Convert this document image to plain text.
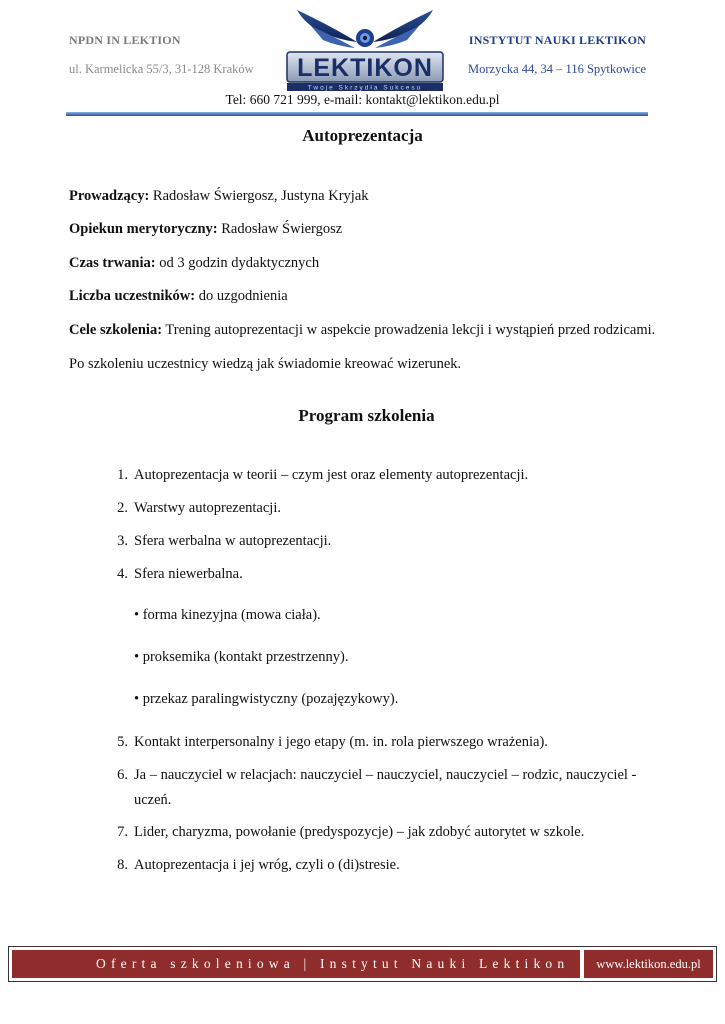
NPDN IN LEKTION
ul. Karmelicka 55/3, 31-128 Kraków
INSTYTUT NAUKI LEKTIKON
Morzycka 44, 34 – 116 Spytkowice
LEKTIKON
Twoje Skrzydła Sukcesu
Tel: 660 721 999, e-mail: kontakt@lektikon.edu.pl
Autoprezentacja
Prowadzący: Radosław Świergosz, Justyna Kryjak
Opiekun merytoryczny: Radosław Świergosz
Czas trwania: od 3 godzin dydaktycznych
Liczba uczestników: do uzgodnienia
Cele szkolenia: Trening autoprezentacji w aspekcie prowadzenia lekcji i wystąpień przed rodzicami.
Po szkoleniu uczestnicy wiedzą jak świadomie kreować wizerunek.
Program szkolenia
1. Autoprezentacja w teorii – czym jest oraz elementy autoprezentacji.
2. Warstwy autoprezentacji.
3. Sfera werbalna w autoprezentacji.
4. Sfera niewerbalna.
• forma kinezyjna (mowa ciała).
• proksemika (kontakt przestrzenny).
• przekaz paralingwistyczny (pozajęzykowy).
5. Kontakt interpersonalny i jego etapy (m. in. rola pierwszego wrażenia).
6. Ja – nauczyciel w relacjach: nauczyciel – nauczyciel, nauczyciel – rodzic, nauczyciel - uczeń.
7. Lider, charyzma, powołanie (predyspozycje) – jak zdobyć autorytet w szkole.
8. Autoprezentacja i jej wróg, czyli o (di)stresie.
Oferta szkoleniowa | Instytut Nauki Lektikon	www.lektikon.edu.pl
